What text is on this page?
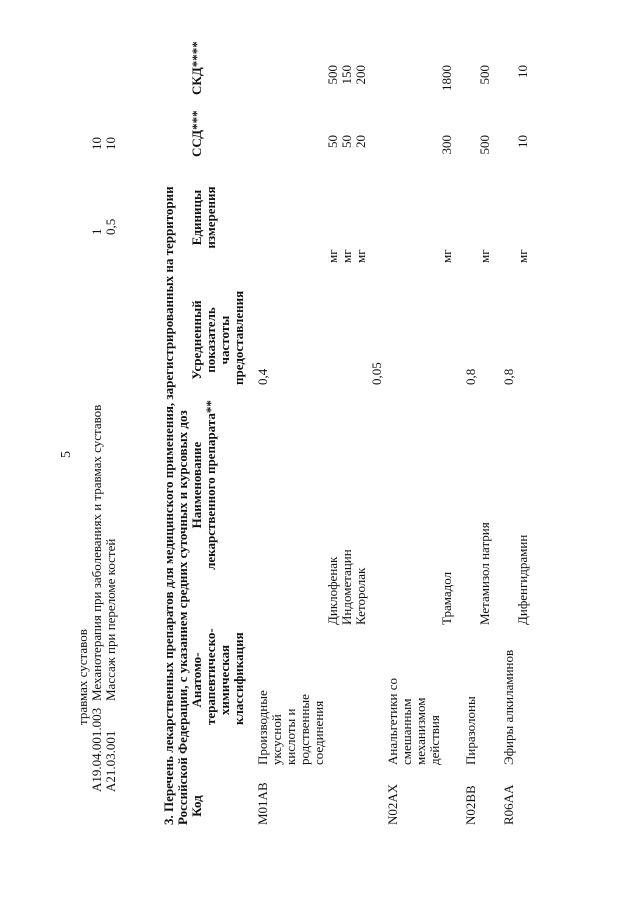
5
травмах суставов
A19.04.001.003
Механотерапия при заболеваниях и травмах суставов
1
10
A21.03.001
Массаж при переломе костей
0,5
10
3. Перечень лекарственных препаратов для медицинского применения, зарегистрированных на территории Российской Федерации, с указанием средних суточных и курсовых доз Код
Анатомо-терапевтическо-химическая классификация
Наименование лекарственного препарата**
Усредненный показатель частоты предоставления
Единицы измерения
ССД***
СКД****
M01AB
Производные уксусной кислоты и родственные соединения
0,4
Диклофенак
мг
50
500
Индометацин
мг
50
150
Кеторолак
мг
20
200
N02AX
Анальгетики со смешанным механизмом действия
0,05
Трамадол
мг
300
1800
N02BB
Пиразолоны
0,8
Метамизол натрия
мг
500
500
R06AA
Эфиры алкиламинов
0,8
Дифенгидрамин
мг
10
10
